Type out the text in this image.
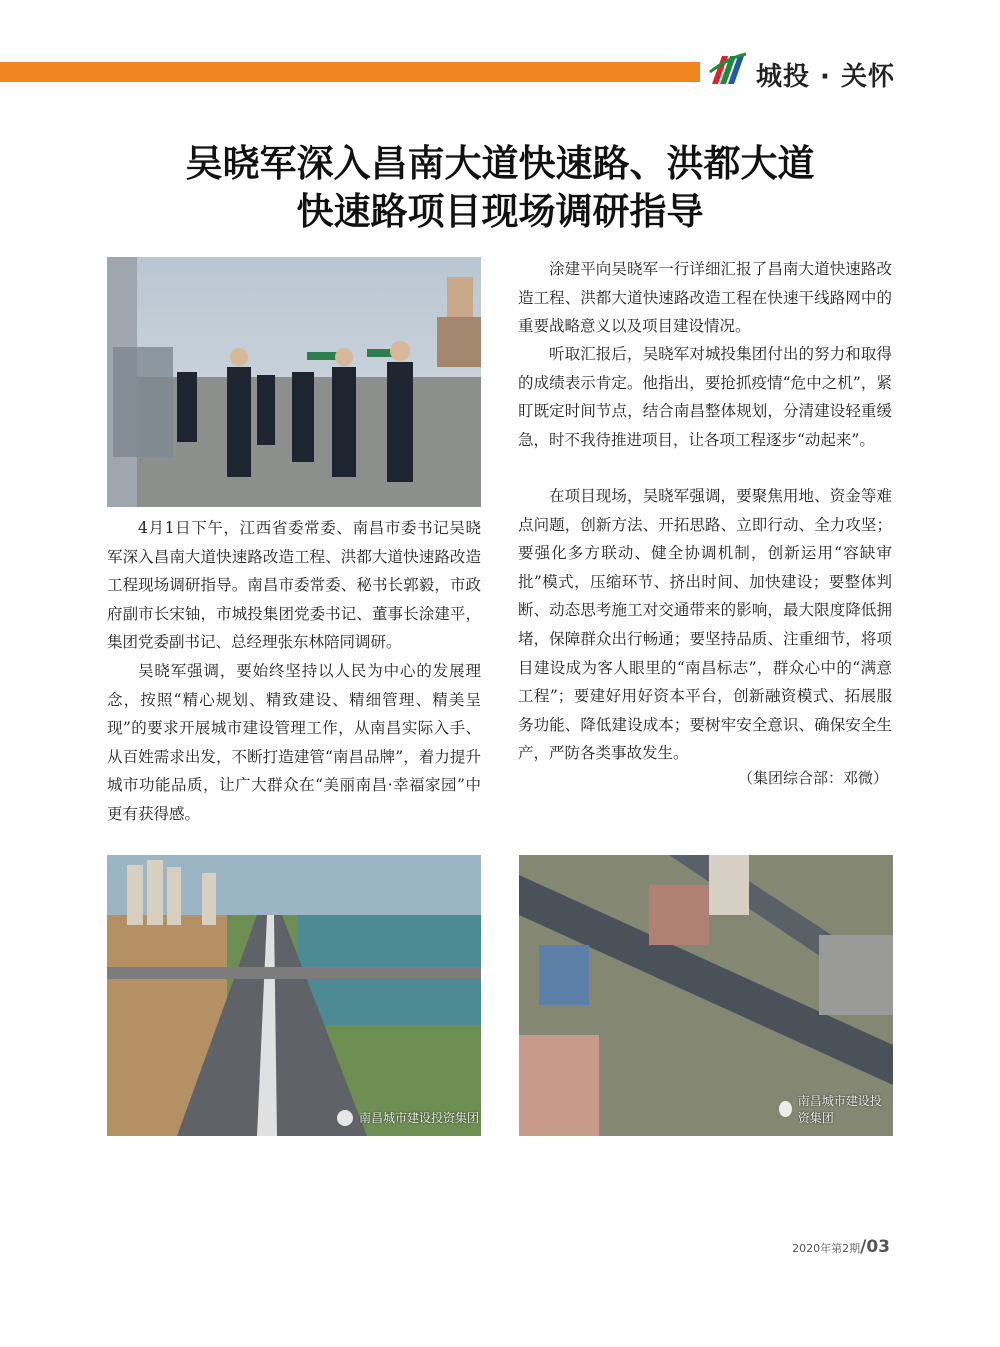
城投 · 关怀
吴晓军深入昌南大道快速路、洪都大道
快速路项目现场调研指导
南昌城市建设投资集团
南昌城市建设投资集团

4月1日下午，江西省委常委、南昌市委书记吴晓军深入昌南大道快速路改造工程、洪都大道快速路改造工程现场调研指导。南昌市委常委、秘书长郭毅，市政府副市长宋铀，市城投集团党委书记、董事长涂建平，集团党委副书记、总经理张东林陪同调研。

吴晓军强调，要始终坚持以人民为中心的发展理念，按照“精心规划、精致建设、精细管理、精美呈现”的要求开展城市建设管理工作，从南昌实际入手、从百姓需求出发，不断打造建管“南昌品牌”，着力提升城市功能品质，让广大群众在“美丽南昌·幸福家园”中更有获得感。

涂建平向吴晓军一行详细汇报了昌南大道快速路改造工程、洪都大道快速路改造工程在快速干线路网中的重要战略意义以及项目建设情况。

听取汇报后，吴晓军对城投集团付出的努力和取得的成绩表示肯定。他指出，要抢抓疫情“危中之机”，紧盯既定时间节点，结合南昌整体规划，分清建设轻重缓急，时不我待推进项目，让各项工程逐步“动起来”。

在项目现场，吴晓军强调，要聚焦用地、资金等难点问题，创新方法、开拓思路、立即行动、全力攻坚；要强化多方联动、健全协调机制，创新运用“容缺审批”模式，压缩环节、挤出时间、加快建设；要整体判断、动态思考施工对交通带来的影响，最大限度降低拥堵，保障群众出行畅通；要坚持品质、注重细节，将项目建设成为客人眼里的“南昌标志”，群众心中的“满意工程”；要建好用好资本平台，创新融资模式、拓展服务功能、降低建设成本；要树牢安全意识、确保安全生产，严防各类事故发生。

（集团综合部：邓微）
2020年第2期/03
